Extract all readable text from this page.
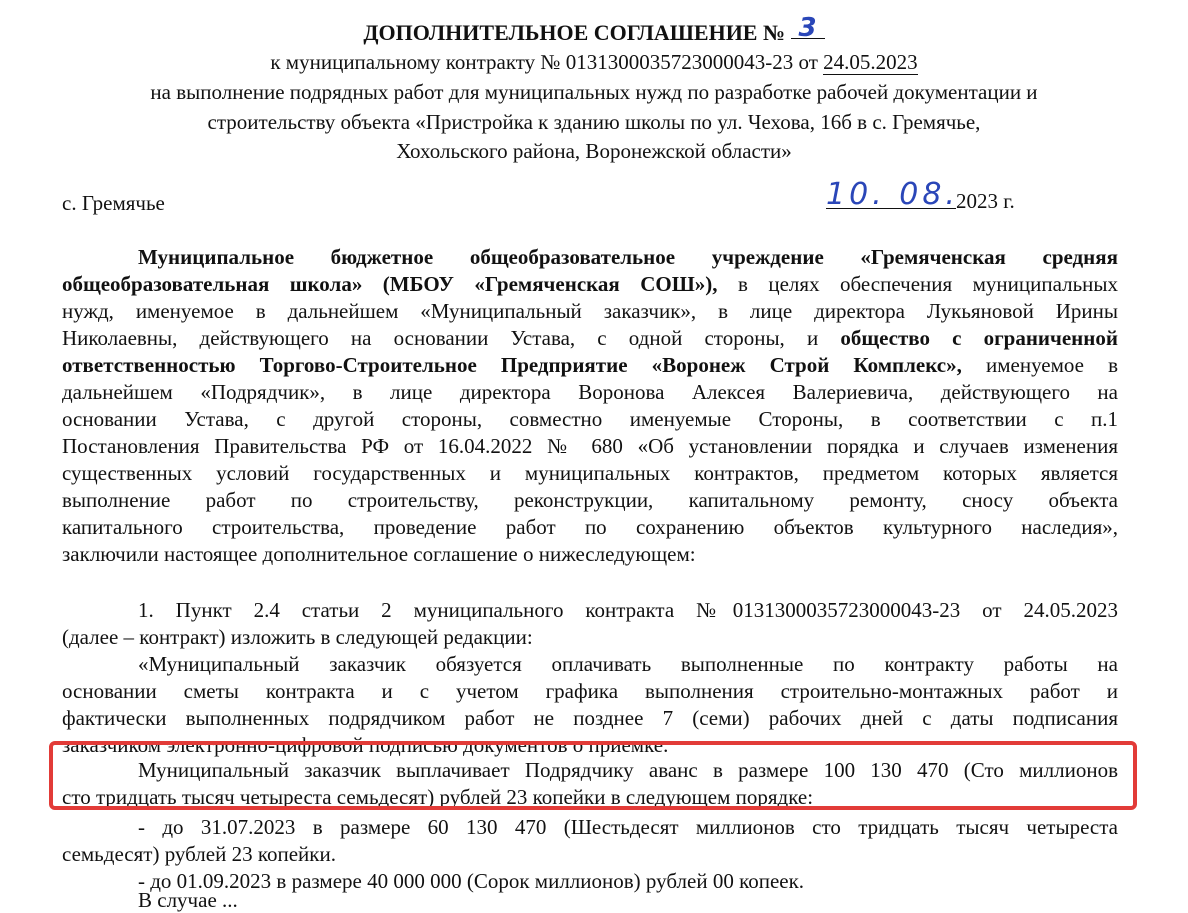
ДОПОЛНИТЕЛЬНОЕ СОГЛАШЕНИЕ № 3
к муниципальному контракту № 0131300035723000043-23 от 24.05.2023
на выполнение подрядных работ для муниципальных нужд по разработке рабочей документации и
строительству объекта «Пристройка к зданию школы по ул. Чехова, 16б в с. Гремячье,
Хохольского района, Воронежской области»
с. Гремячье	10. 08.2023 г.
Муниципальное бюджетное общеобразовательное учреждение «Гремяченская средняя
общеобразовательная школа» (МБОУ «Гремяченская СОШ»), в целях обеспечения муниципальных
нужд, именуемое в дальнейшем «Муниципальный заказчик», в лице директора Лукьяновой Ирины
Николаевны, действующего на основании Устава, с одной стороны, и общество с ограниченной
ответственностью Торгово-Строительное Предприятие «Воронеж Строй Комплекс», именуемое в
дальнейшем «Подрядчик», в лице директора Воронова Алексея Валериевича, действующего на
основании Устава, с другой стороны, совместно именуемые Стороны, в соответствии с п.1
Постановления Правительства РФ от 16.04.2022 № 680 «Об установлении порядка и случаев изменения
существенных условий государственных и муниципальных контрактов, предметом которых является
выполнение работ по строительству, реконструкции, капитальному ремонту, сносу объекта
капитального строительства, проведение работ по сохранению объектов культурного наследия»,
заключили настоящее дополнительное соглашение о нижеследующем:
1. Пункт 2.4 статьи 2 муниципального контракта №0131300035723000043-23 от 24.05.2023
(далее – контракт) изложить в следующей редакции:
«Муниципальный заказчик обязуется оплачивать выполненные по контракту работы на
основании сметы контракта и с учетом графика выполнения строительно-монтажных работ и
фактически выполненных подрядчиком работ не позднее 7 (семи) рабочих дней с даты подписания
заказчиком электронно-цифровой подписью документов о приемке.
Муниципальный заказчик выплачивает Подрядчику аванс в размере 100 130 470 (Сто миллионов
сто тридцать тысяч четыреста семьдесят) рублей 23 копейки в следующем порядке:
- до 31.07.2023 в размере 60 130 470 (Шестьдесят миллионов сто тридцать тысяч четыреста
семьдесят) рублей 23 копейки.
- до 01.09.2023 в размере 40 000 000 (Сорок миллионов) рублей 00 копеек.
В случае ...
